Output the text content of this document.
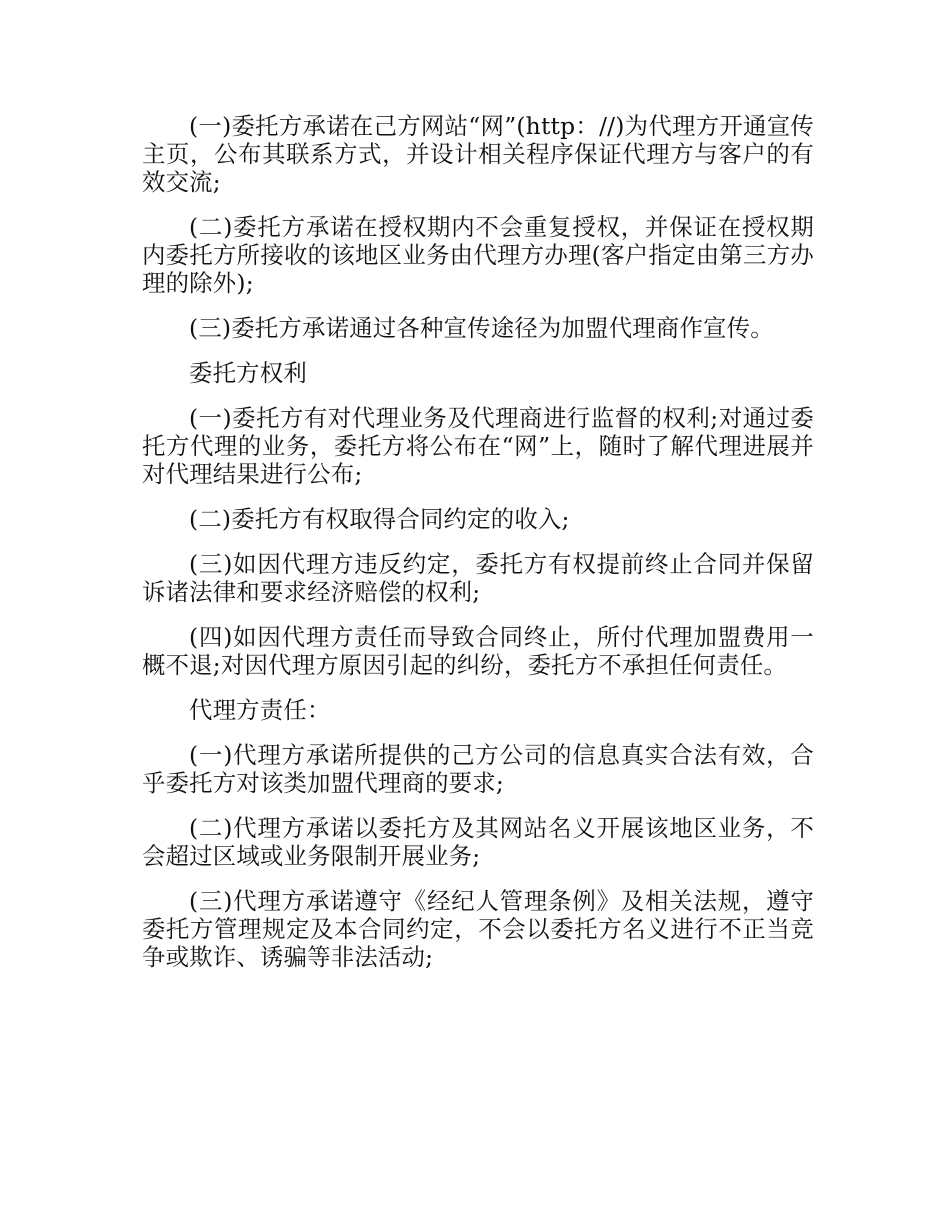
(一)委托方承诺在己方网站“网”(http：//)为代理方开通宣传主页，公布其联系方式，并设计相关程序保证代理方与客户的有效交流;

(二)委托方承诺在授权期内不会重复授权，并保证在授权期内委托方所接收的该地区业务由代理方办理(客户指定由第三方办理的除外);

(三)委托方承诺通过各种宣传途径为加盟代理商作宣传。

委托方权利

(一)委托方有对代理业务及代理商进行监督的权利;对通过委托方代理的业务，委托方将公布在“网”上，随时了解代理进展并对代理结果进行公布;

(二)委托方有权取得合同约定的收入;

(三)如因代理方违反约定，委托方有权提前终止合同并保留诉诸法律和要求经济赔偿的权利;

(四)如因代理方责任而导致合同终止，所付代理加盟费用一概不退;对因代理方原因引起的纠纷，委托方不承担任何责任。

代理方责任：

(一)代理方承诺所提供的己方公司的信息真实合法有效，合乎委托方对该类加盟代理商的要求;

(二)代理方承诺以委托方及其网站名义开展该地区业务，不会超过区域或业务限制开展业务;

(三)代理方承诺遵守《经纪人管理条例》及相关法规，遵守委托方管理规定及本合同约定，不会以委托方名义进行不正当竞争或欺诈、诱骗等非法活动;
